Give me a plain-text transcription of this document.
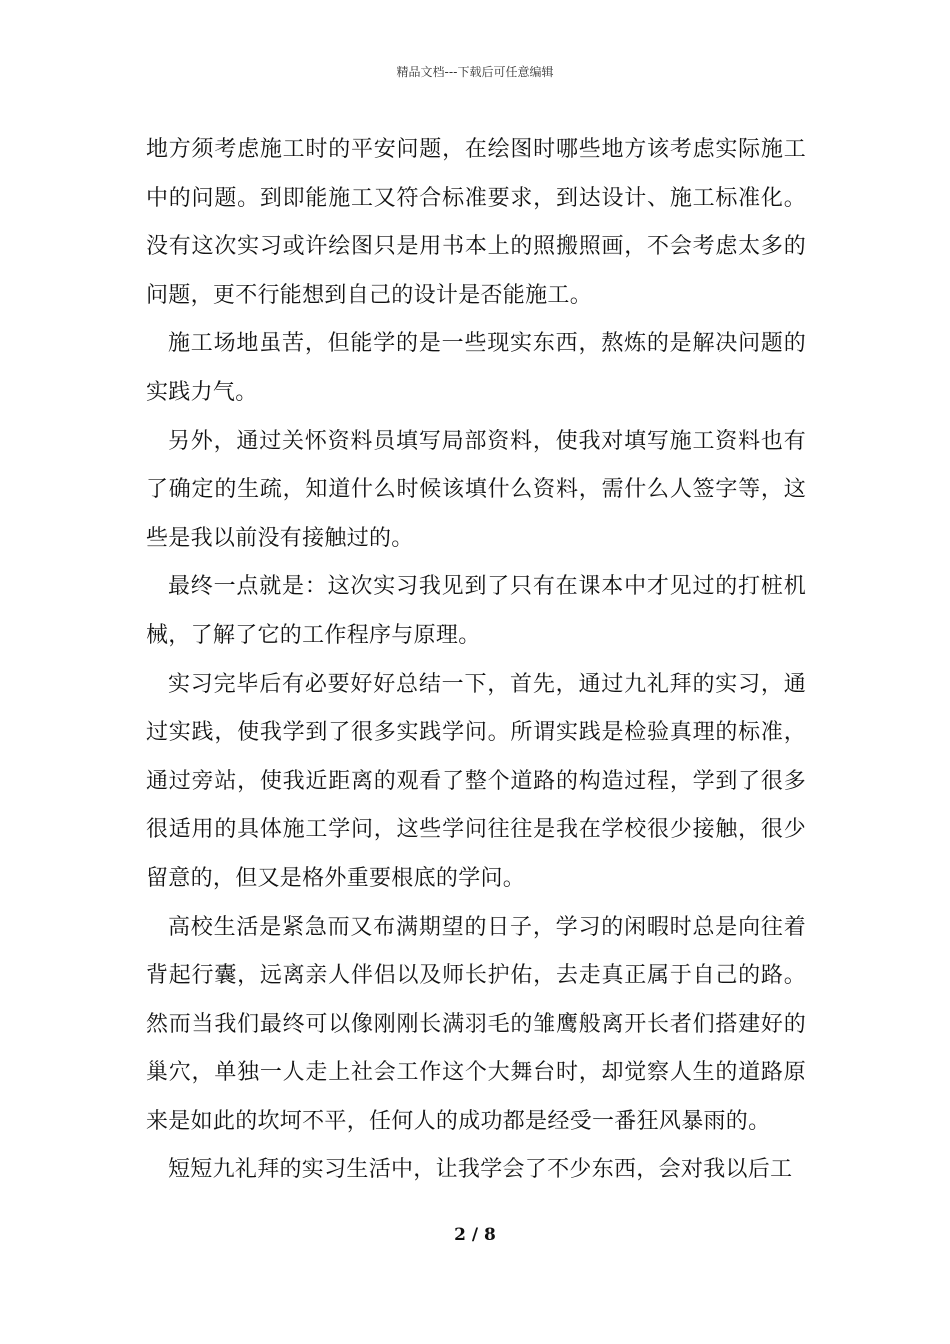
精品文档---下载后可任意编辑

地方须考虑施工时的平安问题，在绘图时哪些地方该考虑实际施工中的问题。到即能施工又符合标准要求，到达设计、施工标准化。没有这次实习或许绘图只是用书本上的照搬照画，不会考虑太多的问题，更不行能想到自己的设计是否能施工。

施工场地虽苦，但能学的是一些现实东西，熬炼的是解决问题的实践力气。

另外，通过关怀资料员填写局部资料，使我对填写施工资料也有了确定的生疏，知道什么时候该填什么资料，需什么人签字等，这些是我以前没有接触过的。

最终一点就是：这次实习我见到了只有在课本中才见过的打桩机械，了解了它的工作程序与原理。

实习完毕后有必要好好总结一下，首先，通过九礼拜的实习，通过实践，使我学到了很多实践学问。所谓实践是检验真理的标准，通过旁站，使我近距离的观看了整个道路的构造过程，学到了很多很适用的具体施工学问，这些学问往往是我在学校很少接触，很少留意的，但又是格外重要根底的学问。

高校生活是紧急而又布满期望的日子，学习的闲暇时总是向往着背起行囊，远离亲人伴侣以及师长护佑，去走真正属于自己的路。然而当我们最终可以像刚刚长满羽毛的雏鹰般离开长者们搭建好的巢穴，单独一人走上社会工作这个大舞台时，却觉察人生的道路原来是如此的坎坷不平，任何人的成功都是经受一番狂风暴雨的。

短短九礼拜的实习生活中，让我学会了不少东西，会对我以后工

2 / 8
